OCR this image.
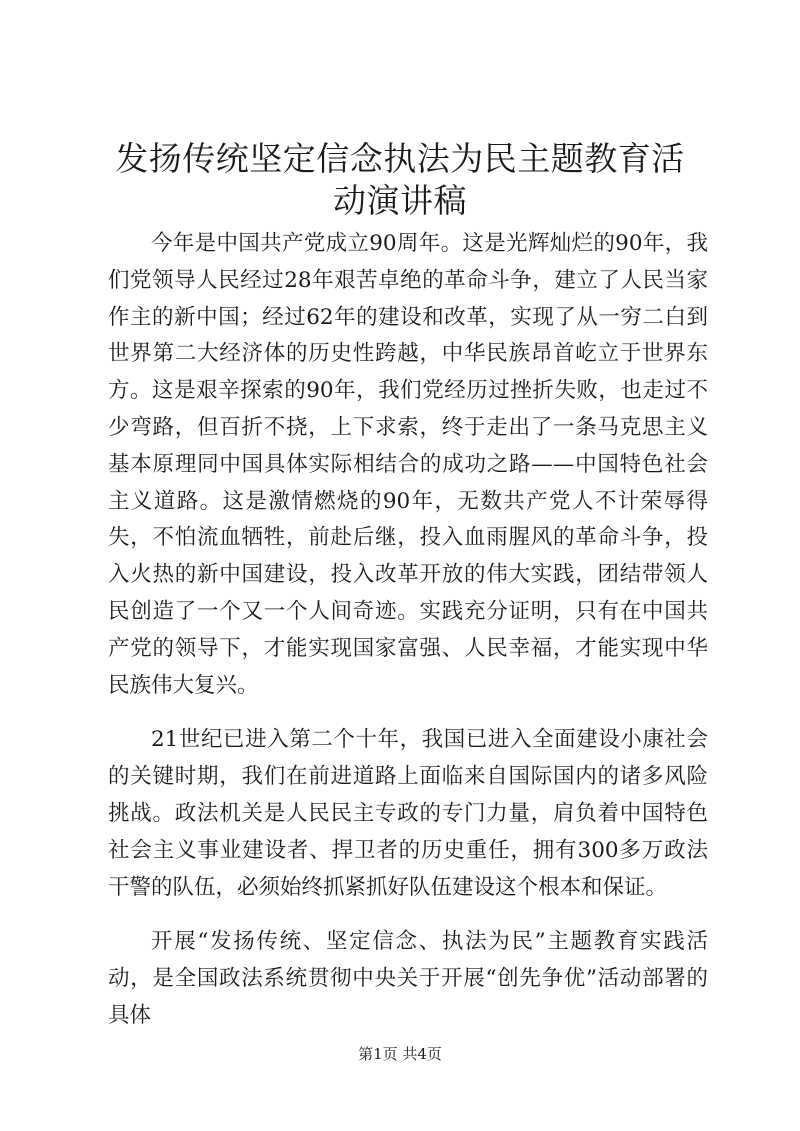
发扬传统坚定信念执法为民主题教育活动演讲稿

今年是中国共产党成立90周年。这是光辉灿烂的90年，我们党领导人民经过28年艰苦卓绝的革命斗争，建立了人民当家作主的新中国；经过62年的建设和改革，实现了从一穷二白到世界第二大经济体的历史性跨越，中华民族昂首屹立于世界东方。这是艰辛探索的90年，我们党经历过挫折失败，也走过不少弯路，但百折不挠，上下求索，终于走出了一条马克思主义基本原理同中国具体实际相结合的成功之路——中国特色社会主义道路。这是激情燃烧的90年，无数共产党人不计荣辱得失，不怕流血牺牲，前赴后继，投入血雨腥风的革命斗争，投入火热的新中国建设，投入改革开放的伟大实践，团结带领人民创造了一个又一个人间奇迹。实践充分证明，只有在中国共产党的领导下，才能实现国家富强、人民幸福，才能实现中华民族伟大复兴。

21世纪已进入第二个十年，我国已进入全面建设小康社会的关键时期，我们在前进道路上面临来自国际国内的诸多风险挑战。政法机关是人民民主专政的专门力量，肩负着中国特色社会主义事业建设者、捍卫者的历史重任，拥有300多万政法干警的队伍，必须始终抓紧抓好队伍建设这个根本和保证。

开展“发扬传统、坚定信念、执法为民”主题教育实践活动，是全国政法系统贯彻中央关于开展“创先争优”活动部署的具体

第1页 共4页
